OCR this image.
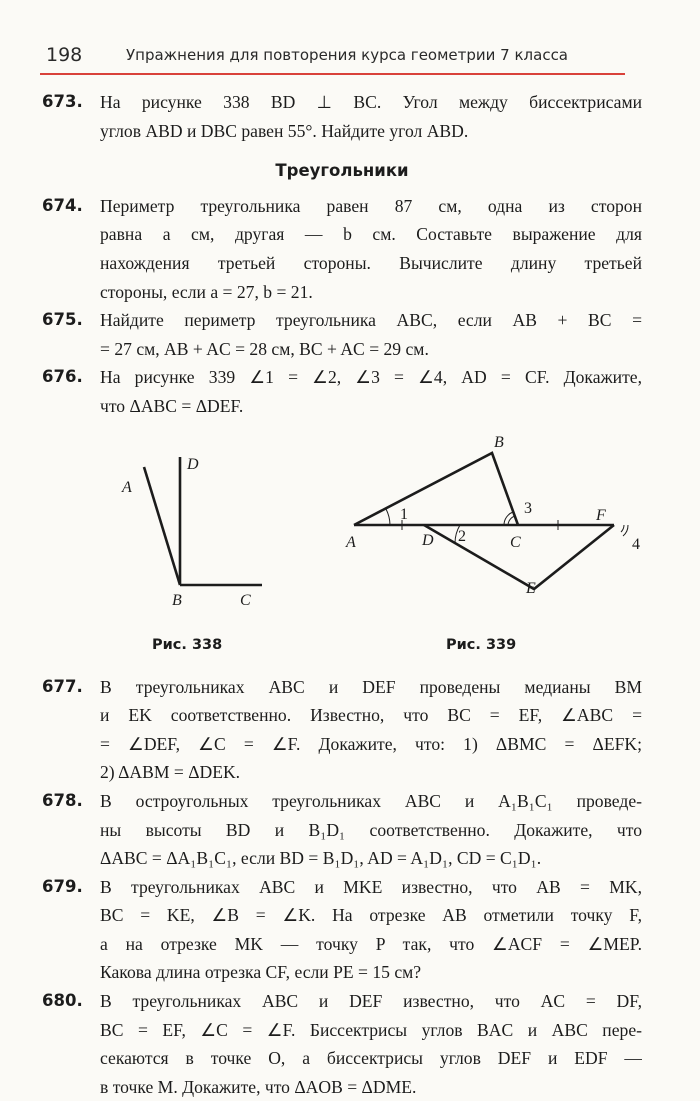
198	Упражнения для повторения курса геометрии 7 класса
673. На рисунке 338 BD ⊥ BC. Угол между биссектрисами
углов ABD и DBC равен 55°. Найдите угол ABD.
Треугольники
674. Периметр треугольника равен 87 см, одна из сторон
равна a см, другая — b см. Составьте выражение для
нахождения третьей стороны. Вычислите длину третьей
стороны, если a = 27, b = 21.
675. Найдите периметр треугольника ABC, если AB + BC =
= 27 см, AB + AC = 28 см, BC + AC = 29 см.
676. На рисунке 339 ∠1 = ∠2, ∠3 = ∠4, AD = CF. Докажите,
что ΔABC = ΔDEF.
A
D
B	C
Рис. 338
A
B
C
D
E
F
1
2
3
4
Рис. 339
677. В треугольниках ABC и DEF проведены медианы BM
и EK соответственно. Известно, что BC = EF, ∠ABC =
= ∠DEF, ∠C = ∠F. Докажите, что: 1) ΔBMC = ΔEFK;
2) ΔABM = ΔDEK.
678. В остроугольных треугольниках ABC и A₁B₁C₁ проведе-
ны высоты BD и B₁D₁ соответственно. Докажите, что
ΔABC = ΔA₁B₁C₁, если BD = B₁D₁, AD = A₁D₁, CD = C₁D₁.
679. В треугольниках ABC и MKE известно, что AB = MK,
BC = KE, ∠B = ∠K. На отрезке AB отметили точку F,
а на отрезке MK — точку P так, что ∠ACF = ∠MEP.
Какова длина отрезка CF, если PE = 15 см?
680. В треугольниках ABC и DEF известно, что AC = DF,
BC = EF, ∠C = ∠F. Биссектрисы углов BAC и ABC пере-
секаются в точке O, а биссектрисы углов DEF и EDF —
в точке M. Докажите, что ΔAOB = ΔDME.
